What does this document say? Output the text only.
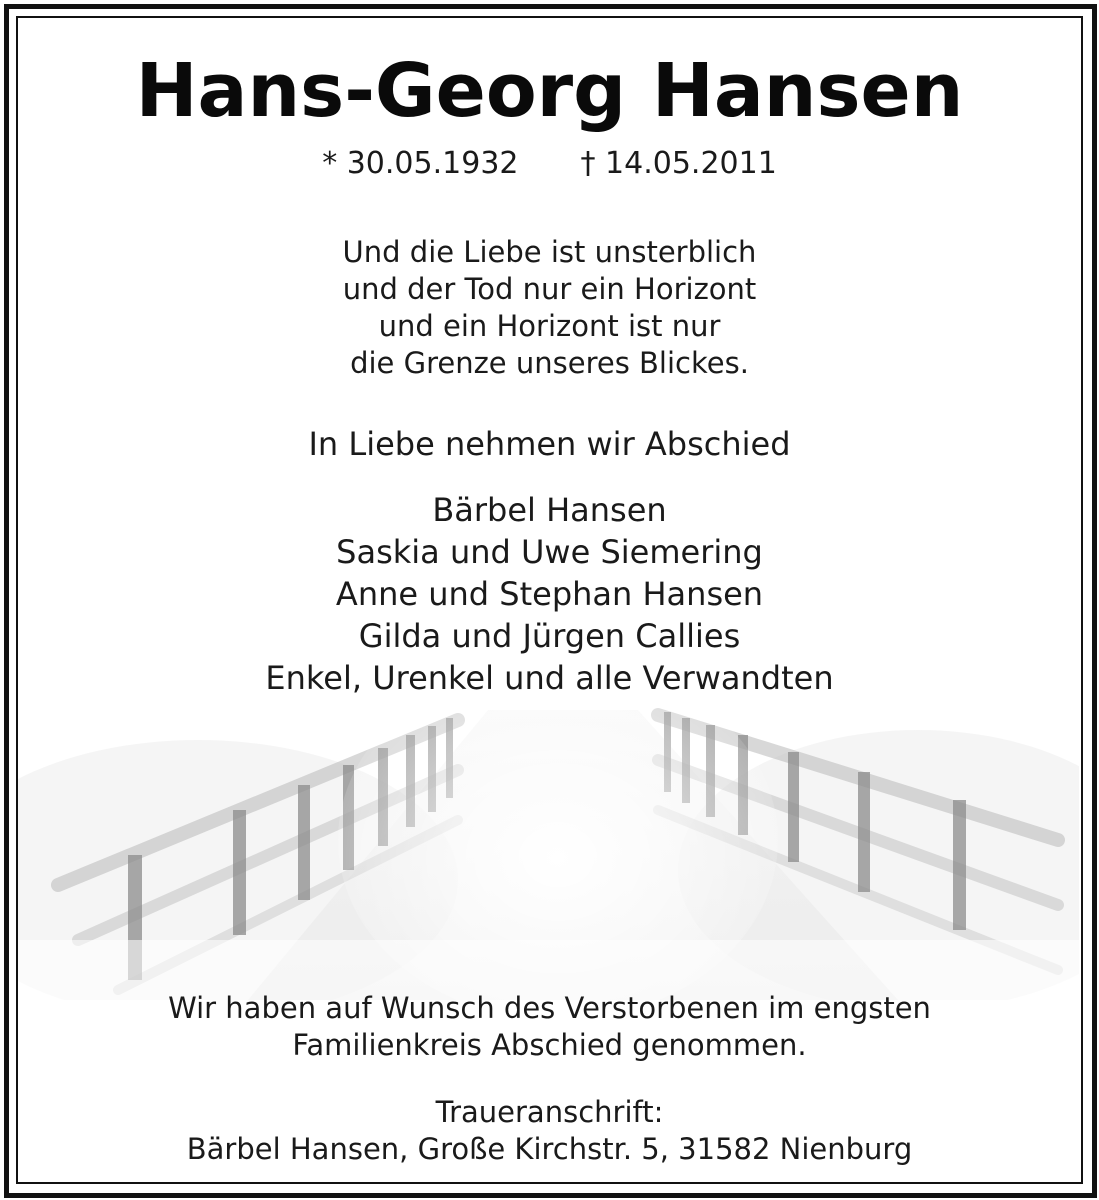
Hans-Georg Hansen
* 30.05.1932 † 14.05.2011
Und die Liebe ist unsterblich
und der Tod nur ein Horizont
und ein Horizont ist nur
die Grenze unseres Blickes.
In Liebe nehmen wir Abschied
Bärbel Hansen
Saskia und Uwe Siemering
Anne und Stephan Hansen
Gilda und Jürgen Callies
Enkel, Urenkel und alle Verwandten
Wir haben auf Wunsch des Verstorbenen im engsten
Familienkreis Abschied genommen.
Traueranschrift:
Bärbel Hansen, Große Kirchstr. 5, 31582 Nienburg
